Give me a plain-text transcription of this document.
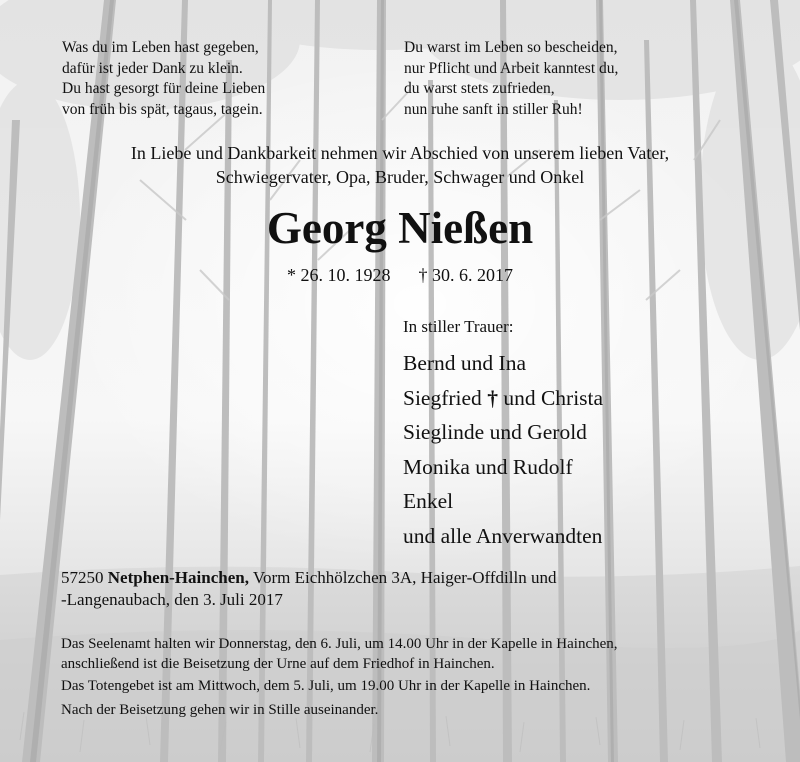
Was du im Leben hast gegeben,
dafür ist jeder Dank zu klein.
Du hast gesorgt für deine Lieben
von früh bis spät, tagaus, tagein.
Du warst im Leben so bescheiden,
nur Pflicht und Arbeit kanntest du,
du warst stets zufrieden,
nun ruhe sanft in stiller Ruh!
In Liebe und Dankbarkeit nehmen wir Abschied von unserem lieben Vater,
Schwiegervater, Opa, Bruder, Schwager und Onkel
Georg Nießen
* 26. 10. 1928 † 30. 6. 2017
In stiller Trauer:
Bernd und Ina
Siegfried † und Christa
Sieglinde und Gerold
Monika und Rudolf
Enkel
und alle Anverwandten
57250 Netphen-Hainchen, Vorm Eichhölzchen 3A, Haiger-Offdilln und
-Langenaubach, den 3. Juli 2017
Das Seelenamt halten wir Donnerstag, den 6. Juli, um 14.00 Uhr in der Kapelle in Hainchen,
anschließend ist die Beisetzung der Urne auf dem Friedhof in Hainchen.
Das Totengebet ist am Mittwoch, dem 5. Juli, um 19.00 Uhr in der Kapelle in Hainchen.
Nach der Beisetzung gehen wir in Stille auseinander.
